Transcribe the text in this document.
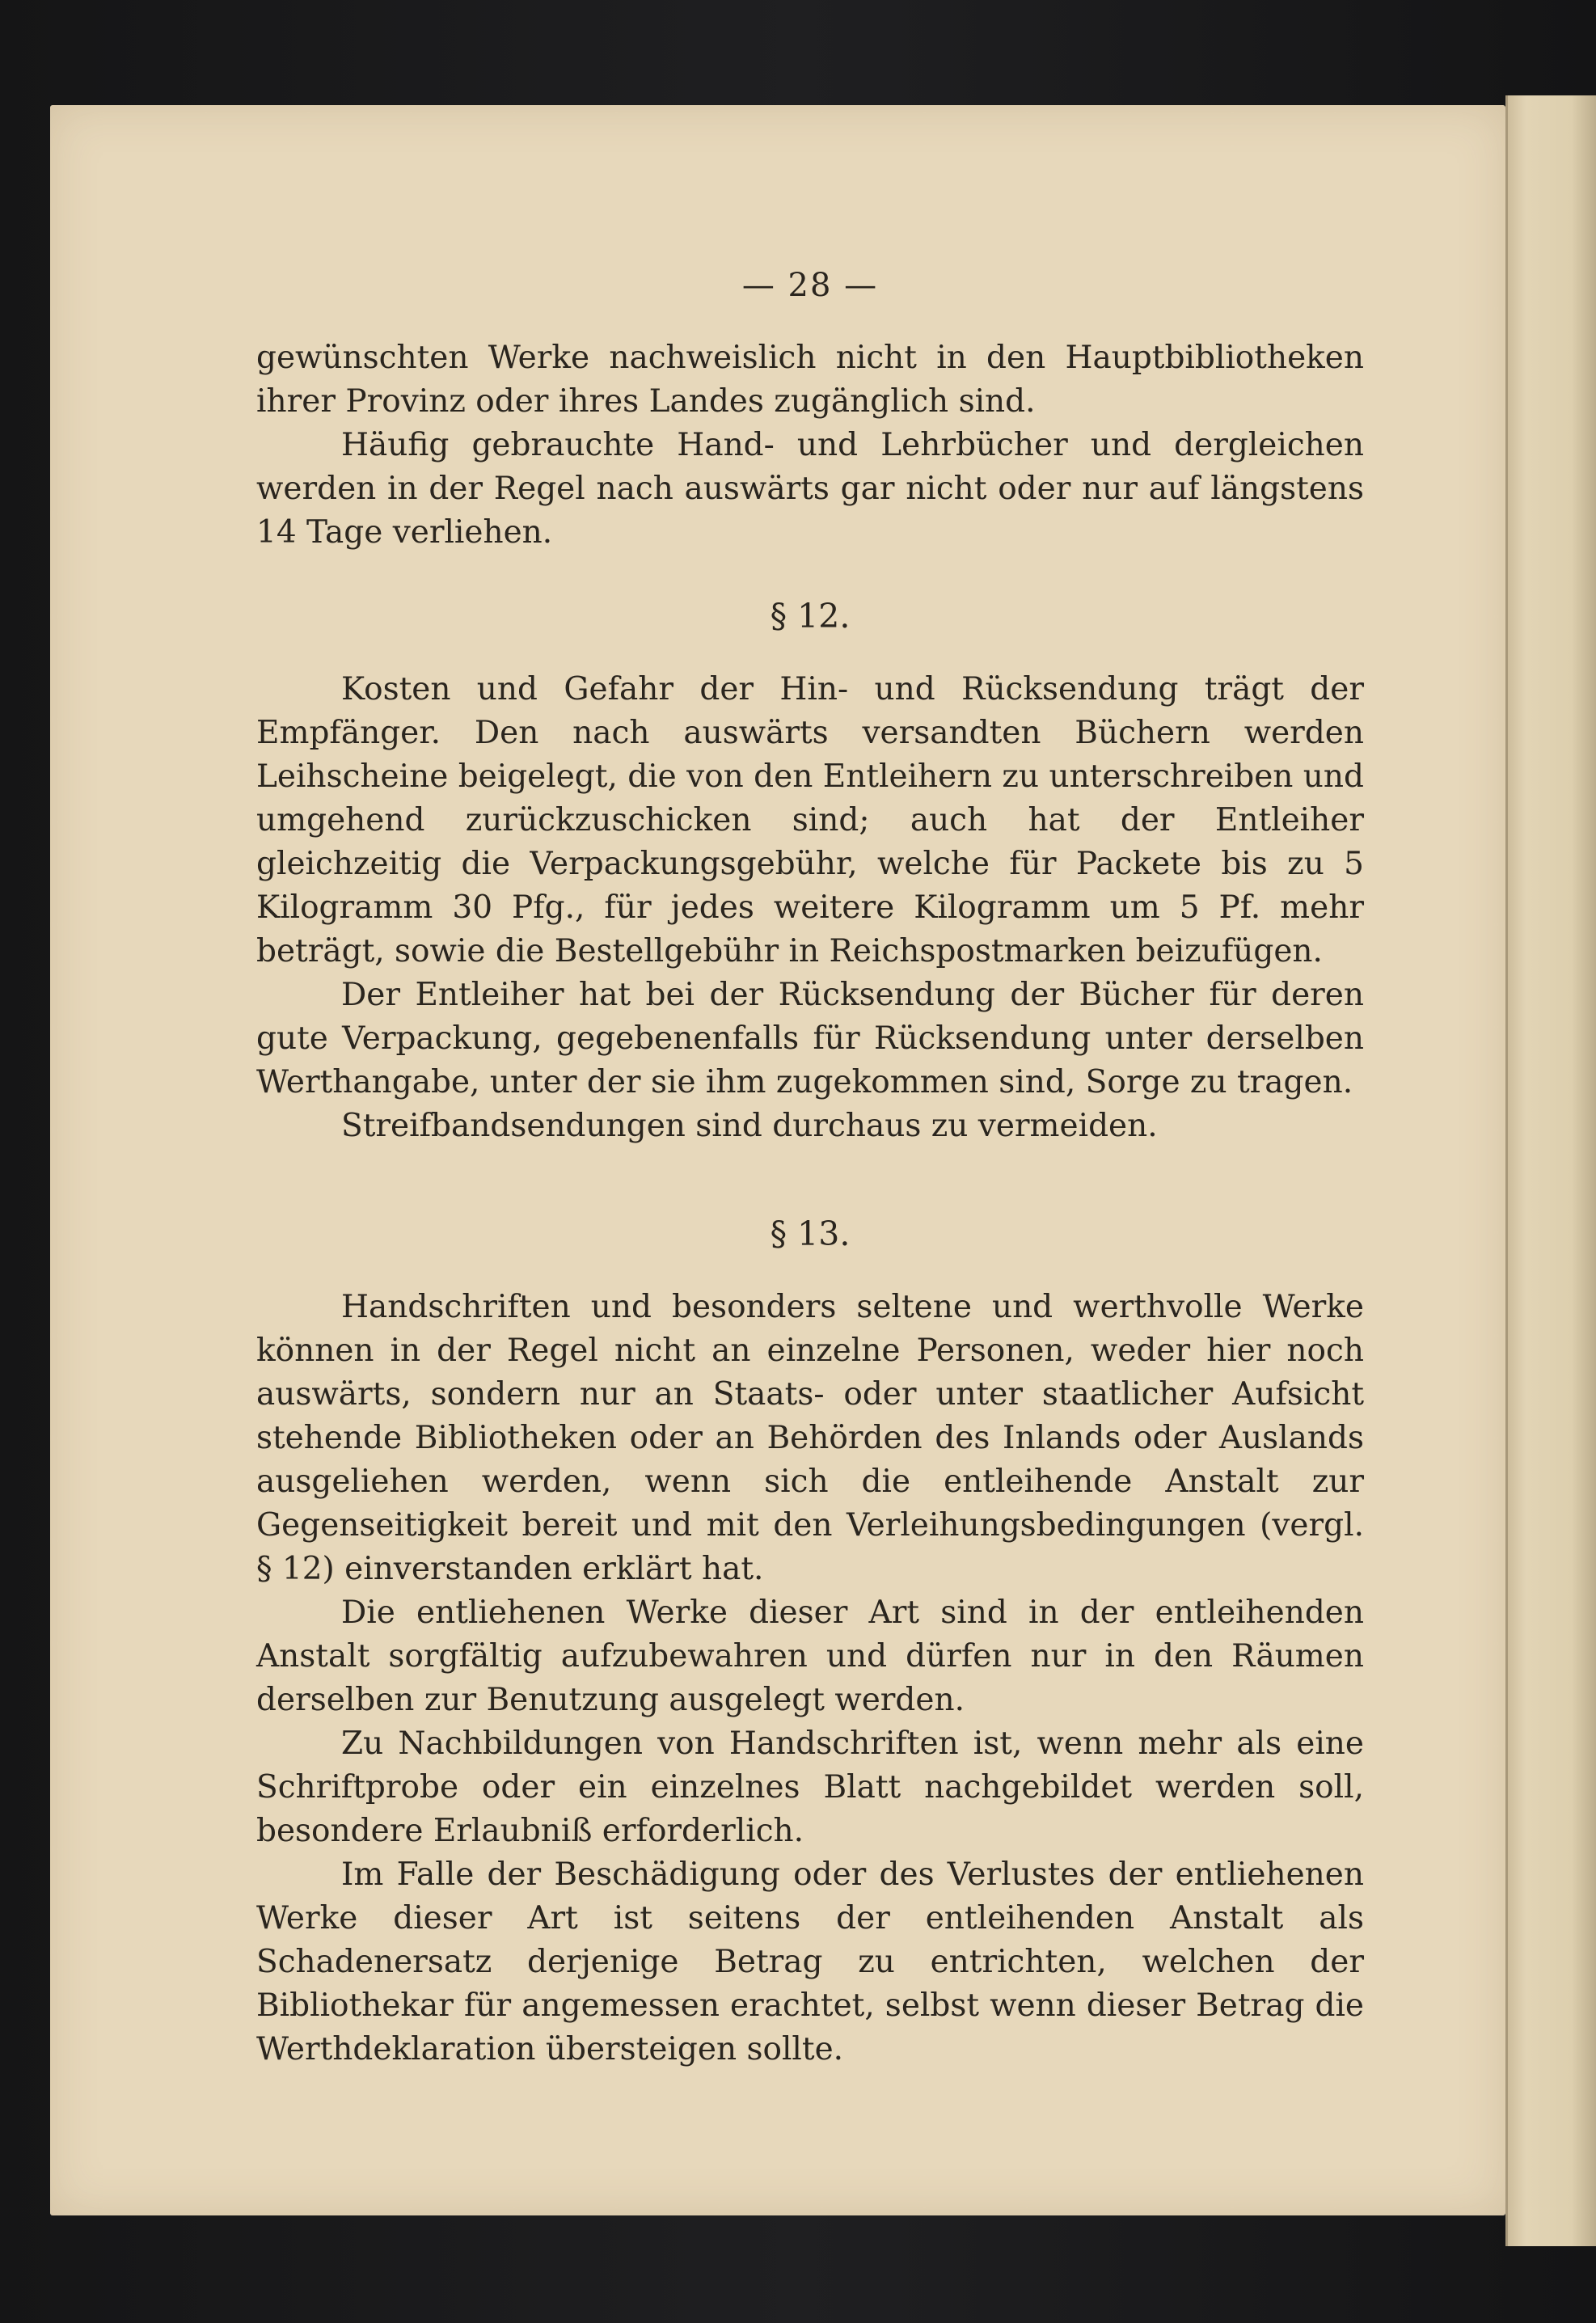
— 28 —

gewünschten Werke nachweislich nicht in den Hauptbibliotheken ihrer Provinz oder ihres Landes zugänglich sind.

Häufig gebrauchte Hand- und Lehrbücher und dergleichen werden in der Regel nach auswärts gar nicht oder nur auf längstens 14 Tage verliehen.

§ 12.

Kosten und Gefahr der Hin- und Rücksendung trägt der Empfänger. Den nach auswärts versandten Büchern werden Leihscheine beigelegt, die von den Entleihern zu unterschreiben und umgehend zurückzuschicken sind; auch hat der Entleiher gleichzeitig die Verpackungsgebühr, welche für Packete bis zu 5 Kilogramm 30 Pfg., für jedes weitere Kilogramm um 5 Pf. mehr beträgt, sowie die Bestellgebühr in Reichspostmarken beizufügen.

Der Entleiher hat bei der Rücksendung der Bücher für deren gute Verpackung, gegebenenfalls für Rücksendung unter derselben Werthangabe, unter der sie ihm zugekommen sind, Sorge zu tragen.

Streifbandsendungen sind durchaus zu vermeiden.

§ 13.

Handschriften und besonders seltene und werthvolle Werke können in der Regel nicht an einzelne Personen, weder hier noch auswärts, sondern nur an Staats- oder unter staatlicher Aufsicht stehende Bibliotheken oder an Behörden des Inlands oder Auslands ausgeliehen werden, wenn sich die entleihende Anstalt zur Gegenseitigkeit bereit und mit den Verleihungsbedingungen (vergl. § 12) einverstanden erklärt hat.

Die entliehenen Werke dieser Art sind in der entleihenden Anstalt sorgfältig aufzubewahren und dürfen nur in den Räumen derselben zur Benutzung ausgelegt werden.

Zu Nachbildungen von Handschriften ist, wenn mehr als eine Schriftprobe oder ein einzelnes Blatt nachgebildet werden soll, besondere Erlaubniß erforderlich.

Im Falle der Beschädigung oder des Verlustes der entliehenen Werke dieser Art ist seitens der entleihenden Anstalt als Schadenersatz derjenige Betrag zu entrichten, welchen der Bibliothekar für angemessen erachtet, selbst wenn dieser Betrag die Werthdeklaration übersteigen sollte.
